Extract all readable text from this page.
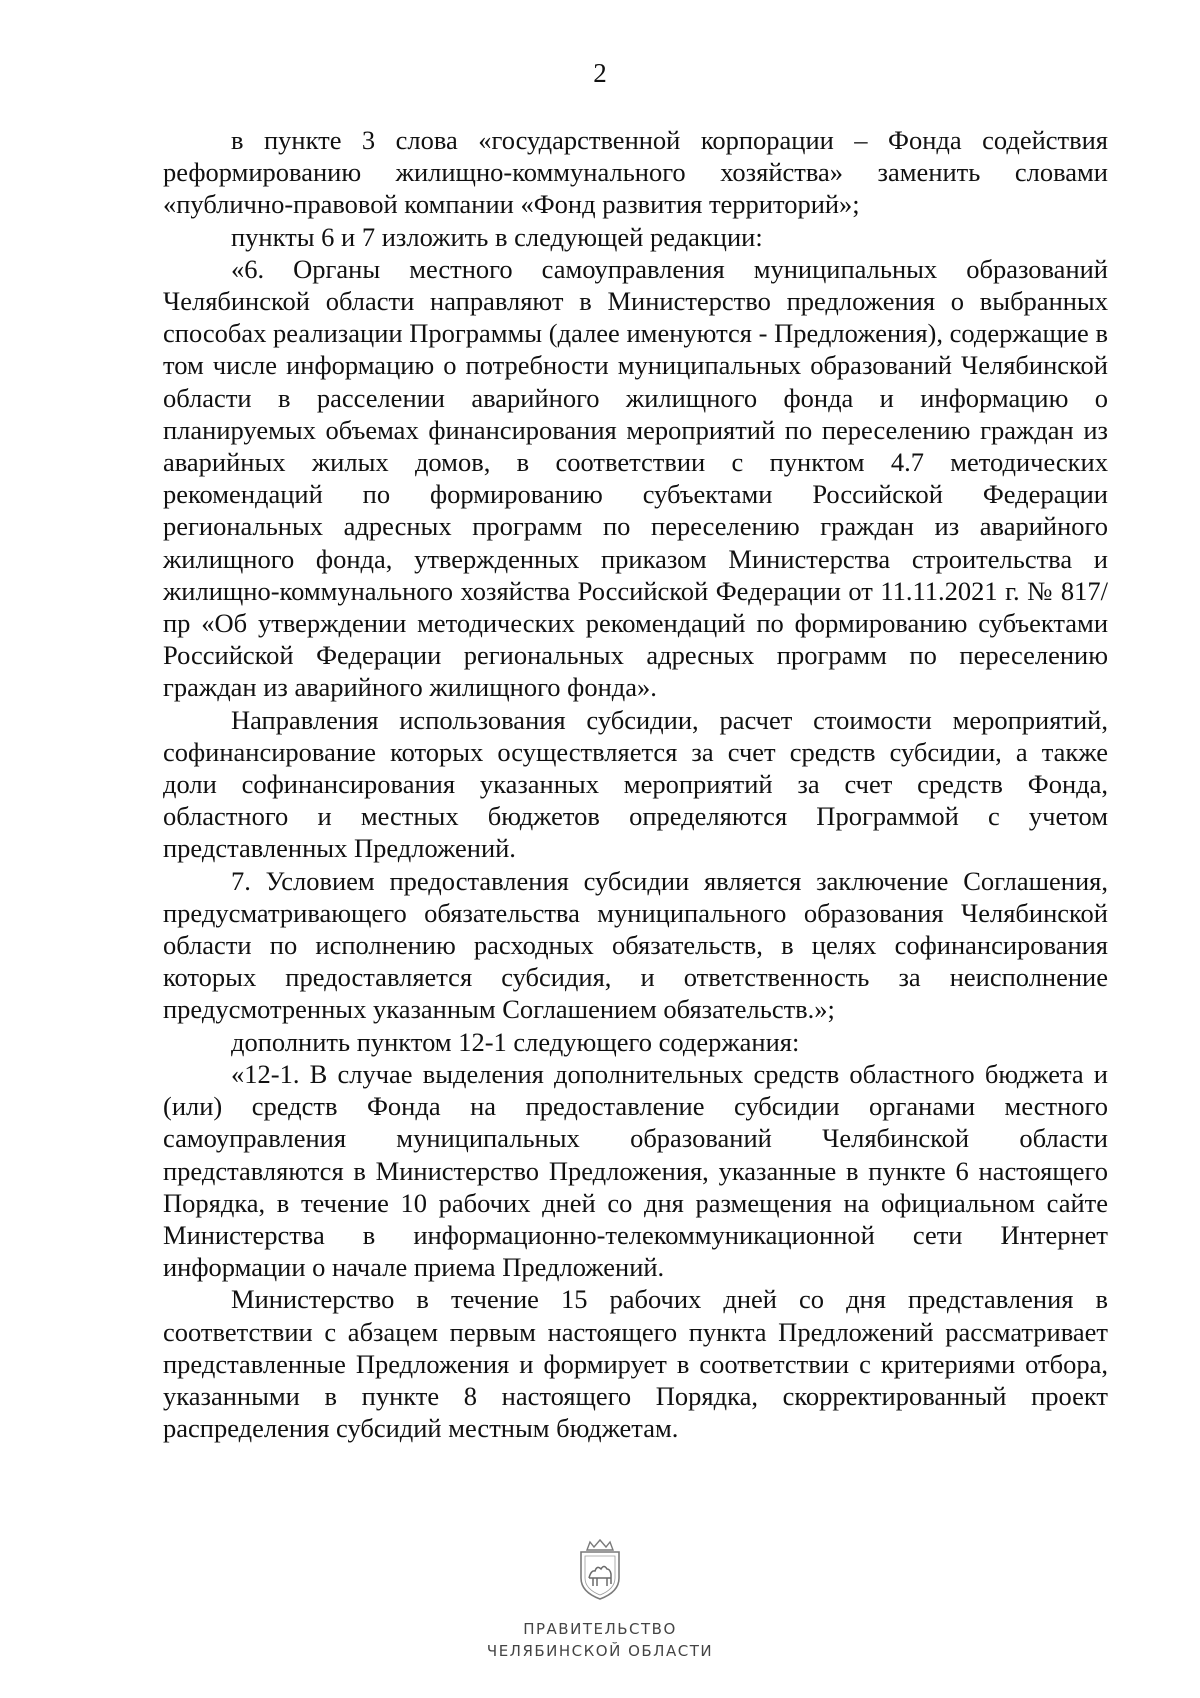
2

в пункте 3 слова «государственной корпорации – Фонда содействия реформированию жилищно-коммунального хозяйства» заменить словами «публично-правовой компании «Фонд развития территорий»;

пункты 6 и 7 изложить в следующей редакции:

«6. Органы местного самоуправления муниципальных образований Челябинской области направляют в Министерство предложения о выбранных способах реализации Программы (далее именуются - Предложения), содержащие в том числе информацию о потребности муниципальных образований Челябинской области в расселении аварийного жилищного фонда и информацию о планируемых объемах финансирования мероприятий по переселению граждан из аварийных жилых домов, в соответствии с пунктом 4.7 методических рекомендаций по формированию субъектами Российской Федерации региональных адресных программ по переселению граждан из аварийного жилищного фонда, утвержденных приказом Министерства строительства и жилищно-коммунального хозяйства Российской Федерации от 11.11.2021 г. № 817/пр «Об утверждении методических рекомендаций по формированию субъектами Российской Федерации региональных адресных программ по переселению граждан из аварийного жилищного фонда».

Направления использования субсидии, расчет стоимости мероприятий, софинансирование которых осуществляется за счет средств субсидии, а также доли софинансирования указанных мероприятий за счет средств Фонда, областного и местных бюджетов определяются Программой с учетом представленных Предложений.

7. Условием предоставления субсидии является заключение Соглашения, предусматривающего обязательства муниципального образования Челябинской области по исполнению расходных обязательств, в целях софинансирования которых предоставляется субсидия, и ответственность за неисполнение предусмотренных указанным Соглашением обязательств.»;

дополнить пунктом 12-1 следующего содержания:

«12-1. В случае выделения дополнительных средств областного бюджета и (или) средств Фонда на предоставление субсидии органами местного самоуправления муниципальных образований Челябинской области представляются в Министерство Предложения, указанные в пункте 6 настоящего Порядка, в течение 10 рабочих дней со дня размещения на официальном сайте Министерства в информационно-телекоммуникационной сети Интернет информации о начале приема Предложений.

Министерство в течение 15 рабочих дней со дня представления в соответствии с абзацем первым настоящего пункта Предложений рассматривает представленные Предложения и формирует в соответствии с критериями отбора, указанными в пункте 8 настоящего Порядка, скорректированный проект распределения субсидий местным бюджетам.

ПРАВИТЕЛЬСТВО
ЧЕЛЯБИНСКОЙ ОБЛАСТИ
